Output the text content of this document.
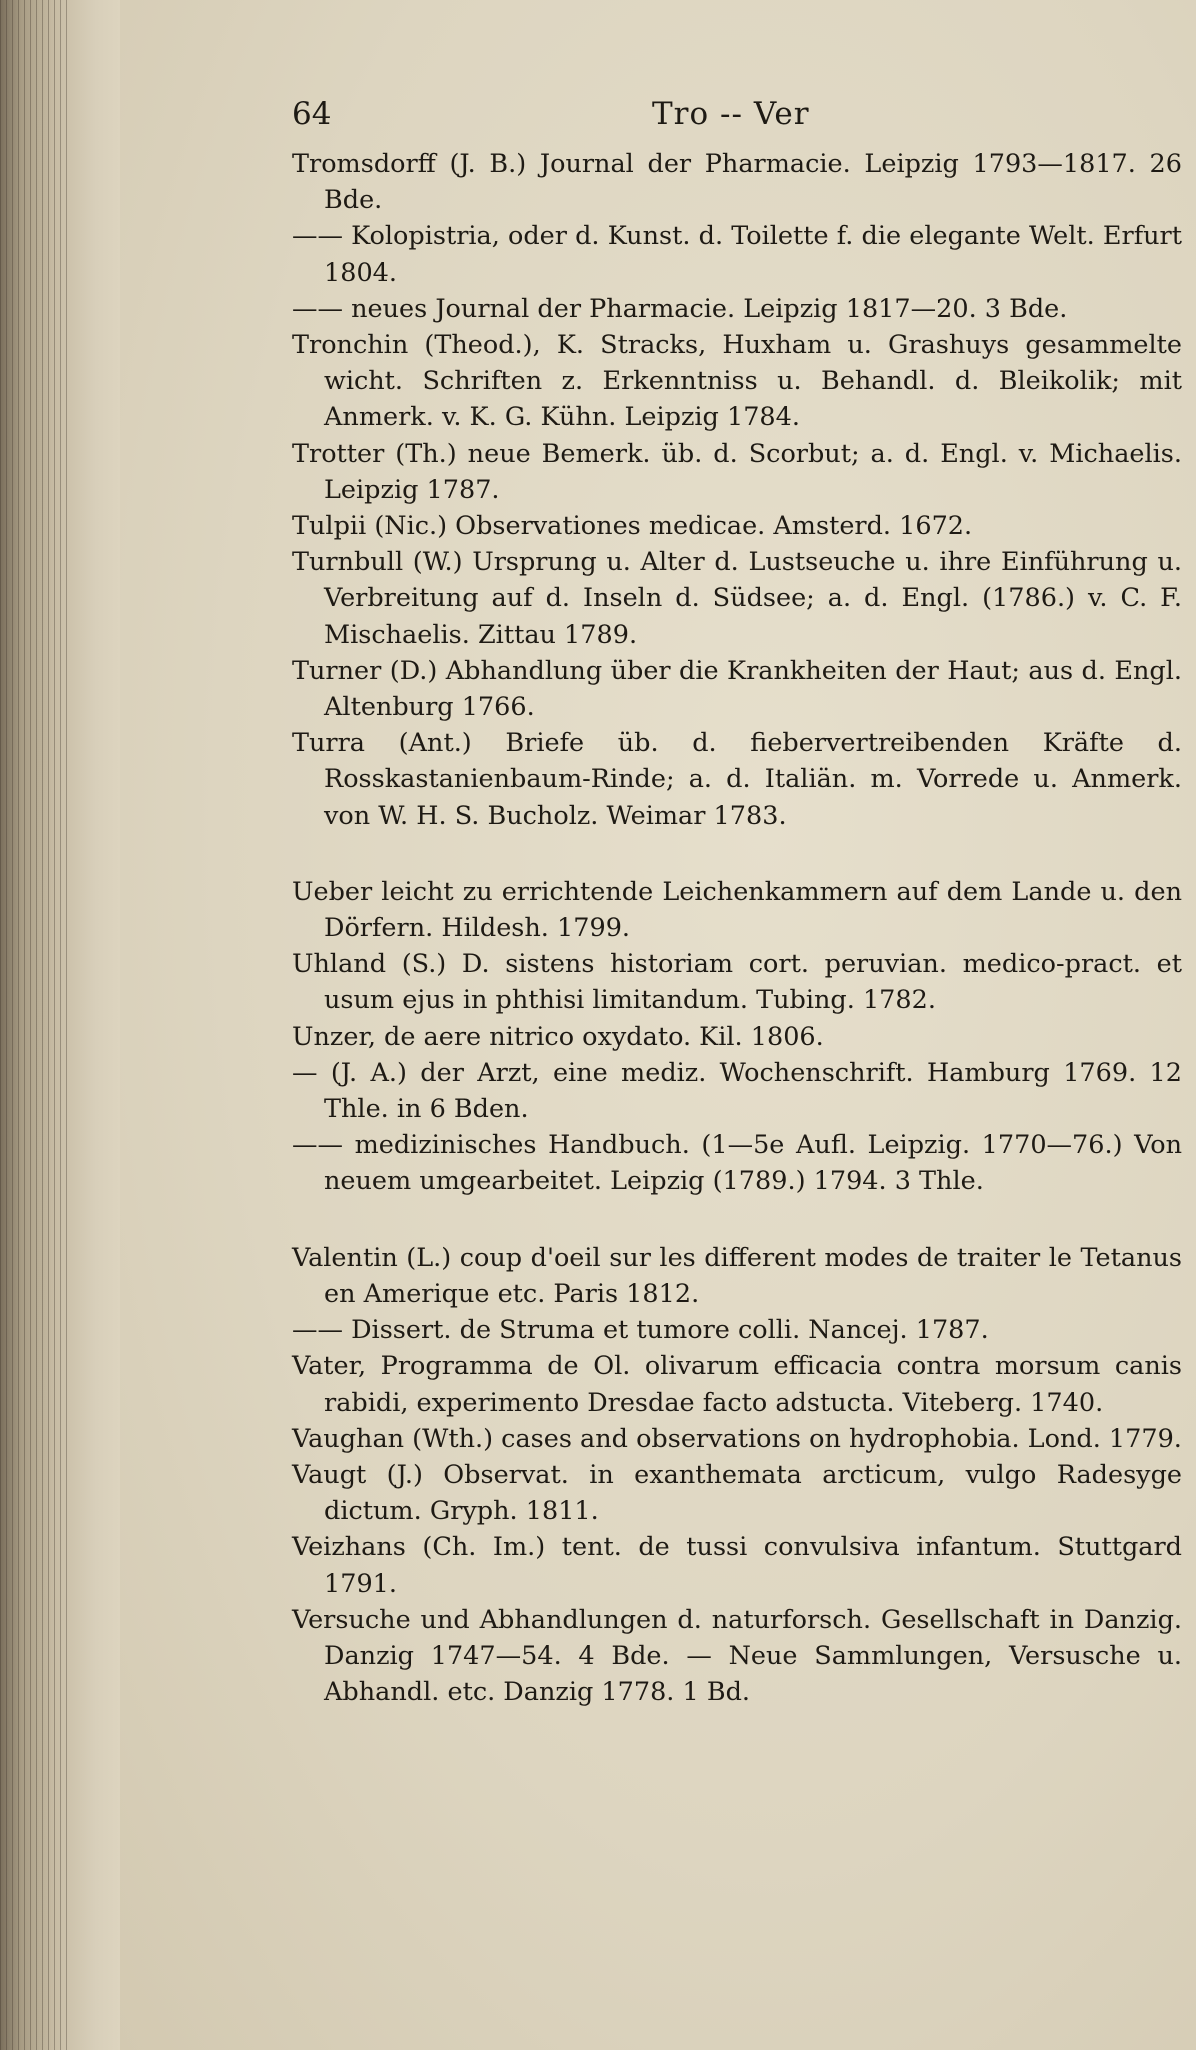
64	Tro -- Ver

Tromsdorff (J. B.) Journal der Pharmacie. Leipzig 1793—1817. 26 Bde.

—— Kolopistria, oder d. Kunst. d. Toilette f. die elegante Welt. Erfurt 1804.

—— neues Journal der Pharmacie. Leipzig 1817—20. 3 Bde.

Tronchin (Theod.), K. Stracks, Huxham u. Grashuys gesammelte wicht. Schriften z. Erkenntniss u. Behandl. d. Bleikolik; mit Anmerk. v. K. G. Kühn. Leipzig 1784.

Trotter (Th.) neue Bemerk. üb. d. Scorbut; a. d. Engl. v. Michaelis. Leipzig 1787.

Tulpii (Nic.) Observationes medicae. Amsterd. 1672.

Turnbull (W.) Ursprung u. Alter d. Lustseuche u. ihre Einführung u. Verbreitung auf d. Inseln d. Südsee; a. d. Engl. (1786.) v. C. F. Mischaelis. Zittau 1789.

Turner (D.) Abhandlung über die Krankheiten der Haut; aus d. Engl. Altenburg 1766.

Turra (Ant.) Briefe üb. d. fiebervertreibenden Kräfte d. Rosskastanienbaum-Rinde; a. d. Italiän. m. Vorrede u. Anmerk. von W. H. S. Bucholz. Weimar 1783.

Ueber leicht zu errichtende Leichenkammern auf dem Lande u. den Dörfern. Hildesh. 1799.

Uhland (S.) D. sistens historiam cort. peruvian. medico-pract. et usum ejus in phthisi limitandum. Tubing. 1782.

Unzer, de aere nitrico oxydato. Kil. 1806.

— (J. A.) der Arzt, eine mediz. Wochenschrift. Hamburg 1769. 12 Thle. in 6 Bden.

—— medizinisches Handbuch. (1—5e Aufl. Leipzig. 1770—76.) Von neuem umgearbeitet. Leipzig (1789.) 1794. 3 Thle.

Valentin (L.) coup d'oeil sur les different modes de traiter le Tetanus en Amerique etc. Paris 1812.

—— Dissert. de Struma et tumore colli. Nancej. 1787.

Vater, Programma de Ol. olivarum efficacia contra morsum canis rabidi, experimento Dresdae facto adstucta. Viteberg. 1740.

Vaughan (Wth.) cases and observations on hydrophobia. Lond. 1779.

Vaugt (J.) Observat. in exanthemata arcticum, vulgo Radesyge dictum. Gryph. 1811.

Veizhans (Ch. Im.) tent. de tussi convulsiva infantum. Stuttgard 1791.

Versuche und Abhandlungen d. naturforsch. Gesellschaft in Danzig. Danzig 1747—54. 4 Bde. — Neue Sammlungen, Versusche u. Abhandl. etc. Danzig 1778. 1 Bd.
